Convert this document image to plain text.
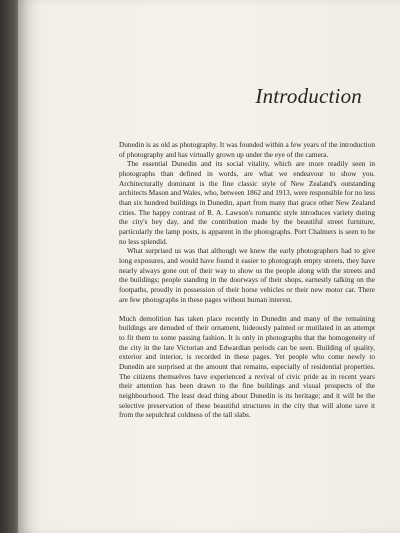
Introduction

Dunedin is as old as photography. It was founded within a few years of the introduction of photography and has virtually grown up under the eye of the camera.

The essential Dunedin and its social vitality, which are more readily seen in photographs than defined in words, are what we endeavour to show you. Architecturally dominant is the fine classic style of New Zealand's outstanding architects Mason and Wales, who, between 1862 and 1913, were responsible for no less than six hundred buildings in Dunedin, apart from many that grace other New Zealand cities. The happy contrast of R. A. Lawson's romantic style introduces variety during the city's hey day, and the contribution made by the beautiful street furniture, particularly the lamp posts, is apparent in the photographs. Port Chalmers is seen to be no less splendid.

What surprised us was that although we knew the early photographers had to give long exposures, and would have found it easier to photograph empty streets, they have nearly always gone out of their way to show us the people along with the streets and the buildings; people standing in the doorways of their shops, earnestly talking on the footpaths, proudly in possession of their horse vehicles or their new motor car. There are few photographs in these pages without human interest.

Much demolition has taken place recently in Dunedin and many of the remaining buildings are denuded of their ornament, hideously painted or mutilated in an attempt to fit them to some passing fashion. It is only in photographs that the homogeneity of the city in the late Victorian and Edwardian periods can be seen. Building of quality, exterior and interior, is recorded in these pages. Yet people who come newly to Dunedin are surprised at the amount that remains, especially of residential properties. The citizens themselves have experienced a revival of civic pride as in recent years their attention has been drawn to the fine buildings and visual prospects of the neighbourhood. The least dead thing about Dunedin is its heritage; and it will be the selective preservation of these beautiful structures in the city that will alone save it from the sepulchral coldness of the tall slabs.
